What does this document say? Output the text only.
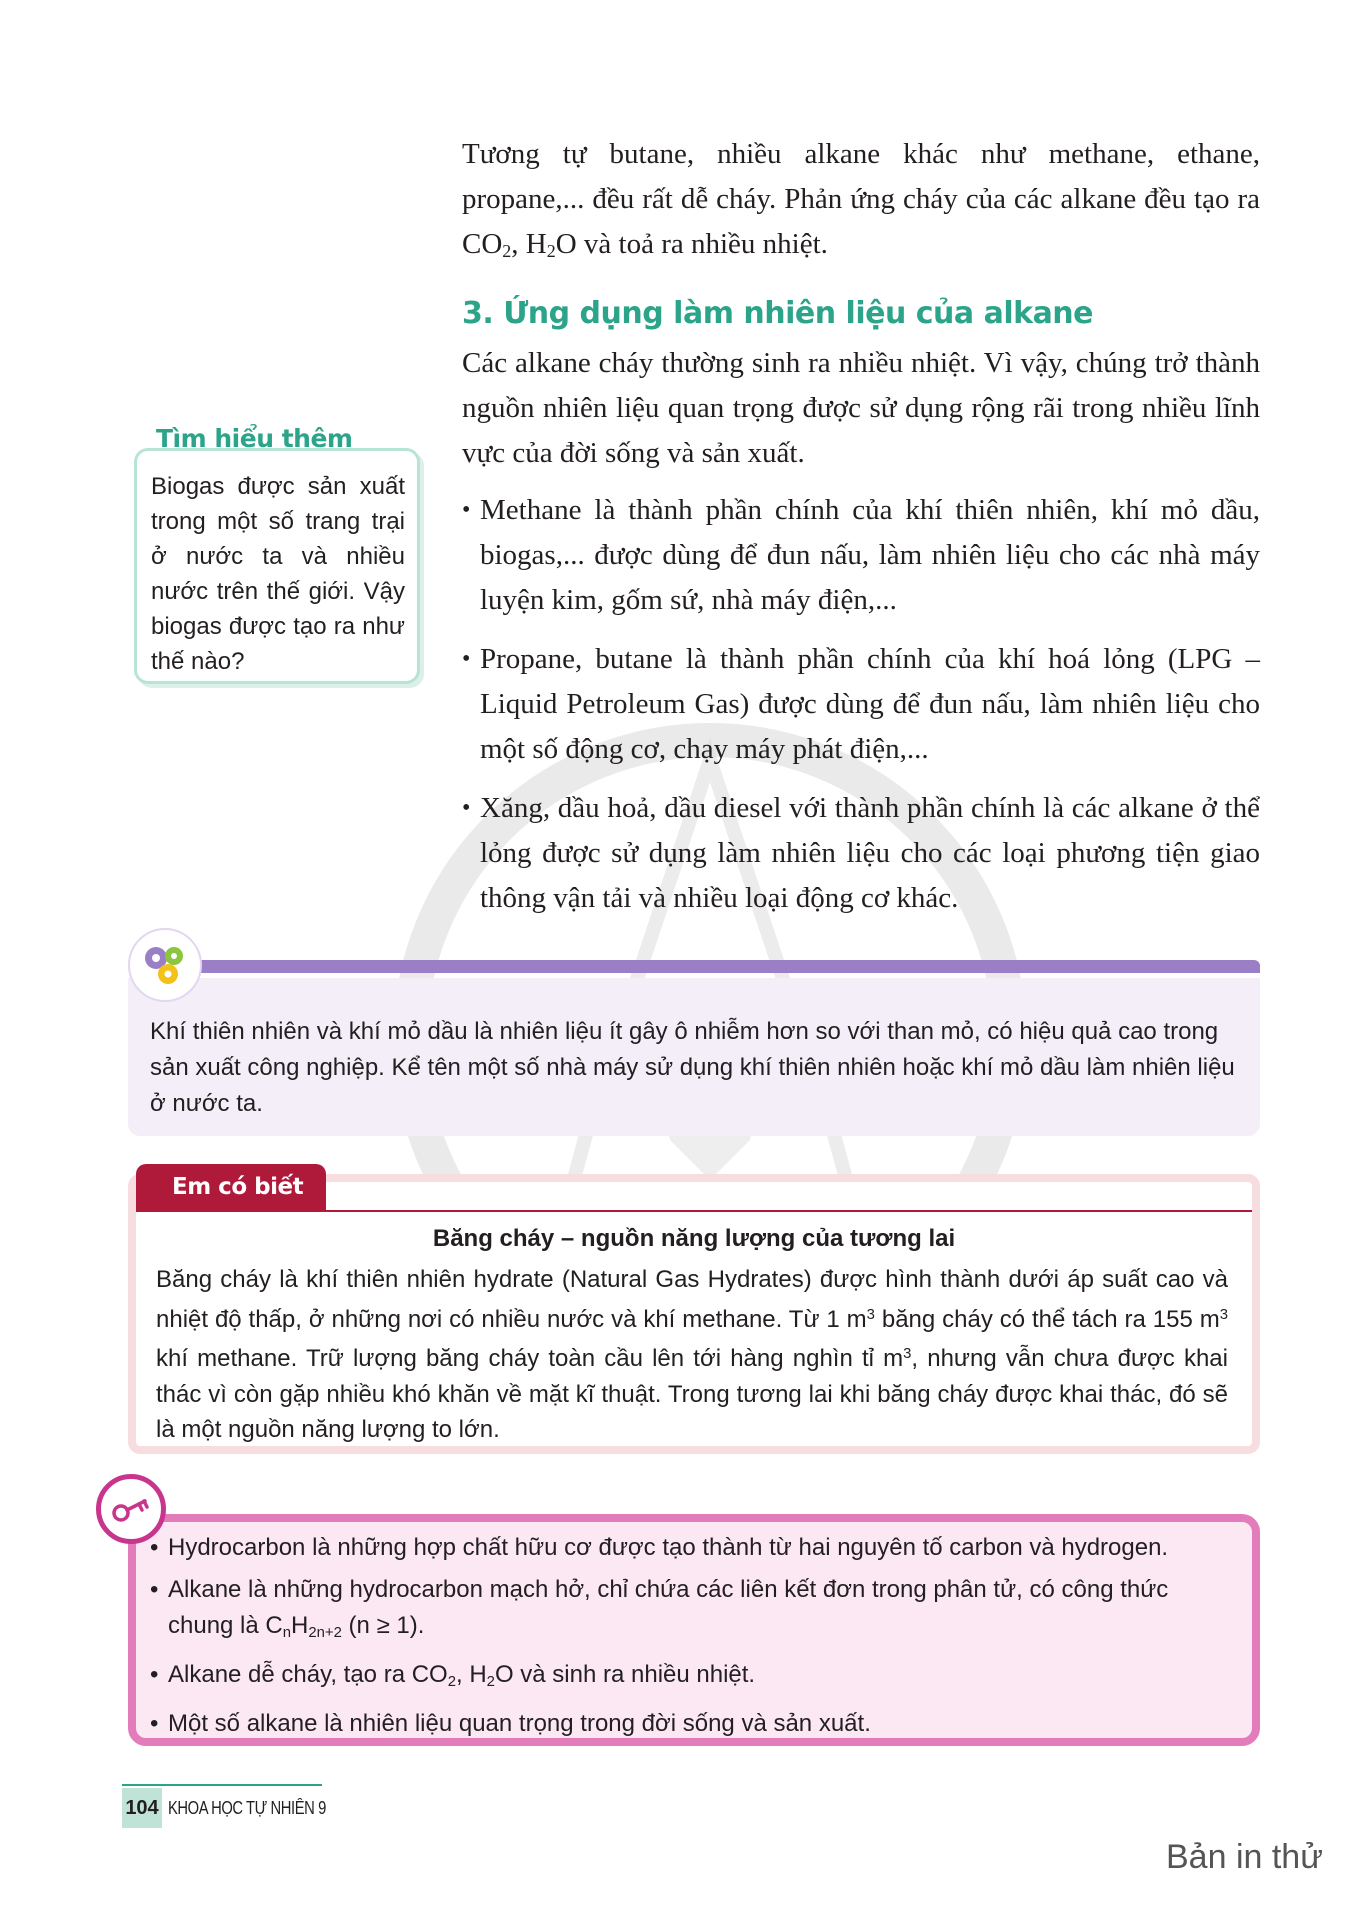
Tương tự butane, nhiều alkane khác như methane, ethane, propane,... đều rất dễ cháy. Phản ứng cháy của các alkane đều tạo ra $CO_2$, $H_2O$ và toả ra nhiều nhiệt.

3. Ứng dụng làm nhiên liệu của alkane

Các alkane cháy thường sinh ra nhiều nhiệt. Vì vậy, chúng trở thành nguồn nhiên liệu quan trọng được sử dụng rộng rãi trong nhiều lĩnh vực của đời sống và sản xuất.

• Methane là thành phần chính của khí thiên nhiên, khí mỏ dầu, biogas,... được dùng để đun nấu, làm nhiên liệu cho các nhà máy luyện kim, gốm sứ, nhà máy điện,...
• Propane, butane là thành phần chính của khí hoá lỏng (LPG – Liquid Petroleum Gas) được dùng để đun nấu, làm nhiên liệu cho một số động cơ, chạy máy phát điện,...
• Xăng, dầu hoả, dầu diesel với thành phần chính là các alkane ở thể lỏng được sử dụng làm nhiên liệu cho các loại phương tiện giao thông vận tải và nhiều loại động cơ khác.
Biogas được sản xuất trong một số trang trại ở nước ta và nhiều nước trên thế giới. Vậy biogas được tạo ra như thế nào?
Tìm hiểu thêm
Khí thiên nhiên và khí mỏ dầu là nhiên liệu ít gây ô nhiễm hơn so với than mỏ, có hiệu quả cao trong sản xuất công nghiệp. Kể tên một số nhà máy sử dụng khí thiên nhiên hoặc khí mỏ dầu làm nhiên liệu ở nước ta.
Em có biết
Băng cháy – nguồn năng lượng của tương lai
Băng cháy là khí thiên nhiên hydrate (Natural Gas Hydrates) được hình thành dưới áp suất cao và nhiệt độ thấp, ở những nơi có nhiều nước và khí methane. Từ 1 $m^3$ băng cháy có thể tách ra 155 $m^3$ khí methane. Trữ lượng băng cháy toàn cầu lên tới hàng nghìn tỉ $m^3$, nhưng vẫn chưa được khai thác vì còn gặp nhiều khó khăn về mặt kĩ thuật. Trong tương lai khi băng cháy được khai thác, đó sẽ là một nguồn năng lượng to lớn.
• Hydrocarbon là những hợp chất hữu cơ được tạo thành từ hai nguyên tố carbon và hydrogen.
• Alkane là những hydrocarbon mạch hở, chỉ chứa các liên kết đơn trong phân tử, có công thức chung là $C_nH_{2n+2}$ (n ≥ 1).
• Alkane dễ cháy, tạo ra $CO_2$, $H_2O$ và sinh ra nhiều nhiệt.
• Một số alkane là nhiên liệu quan trọng trong đời sống và sản xuất.
104 KHOA HỌC TỰ NHIÊN 9
Bản in thử
